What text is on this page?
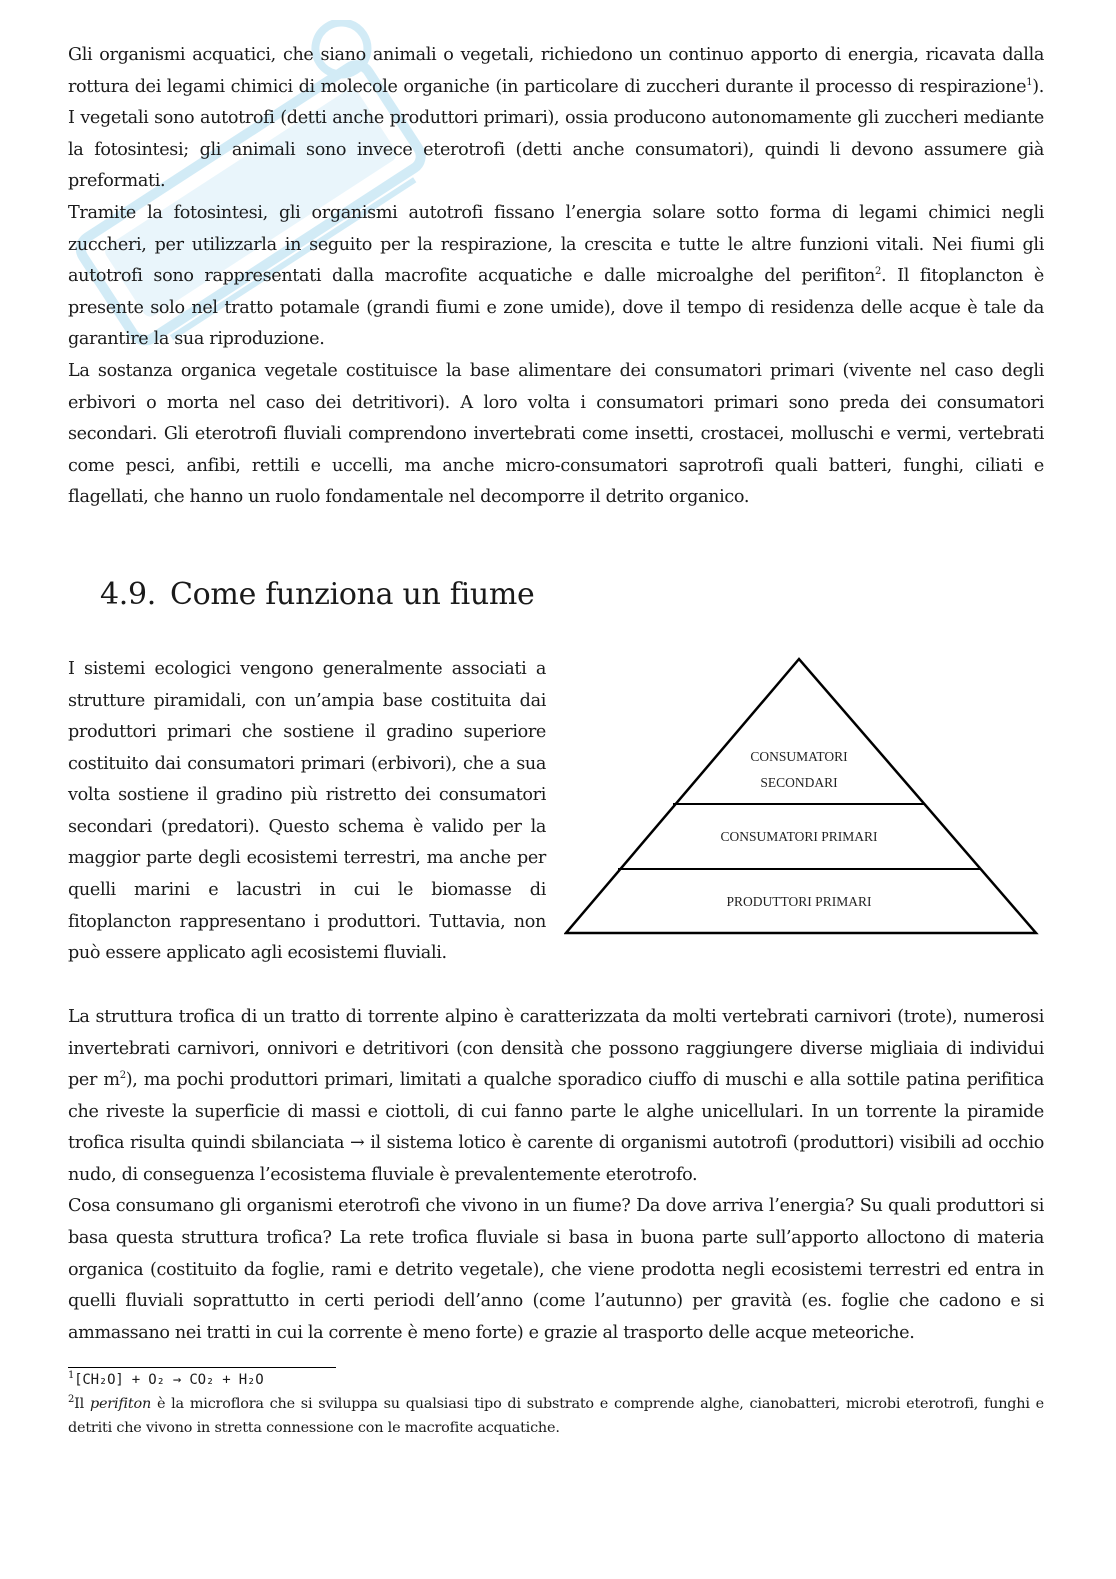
Gli organismi acquatici, che siano animali o vegetali, richiedono un continuo apporto di energia, ricavata dalla rottura dei legami chimici di molecole organiche (in particolare di zuccheri durante il processo di respirazione$^1$). I vegetali sono autotrofi (detti anche produttori primari), ossia producono autonomamente gli zuccheri mediante la fotosintesi; gli animali sono invece eterotrofi (detti anche consumatori), quindi li devono assumere già preformati.

Tramite la fotosintesi, gli organismi autotrofi fissano l’energia solare sotto forma di legami chimici negli zuccheri, per utilizzarla in seguito per la respirazione, la crescita e tutte le altre funzioni vitali. Nei fiumi gli autotrofi sono rappresentati dalla macrofite acquatiche e dalle microalghe del perifiton$^2$. Il fitoplancton è presente solo nel tratto potamale (grandi fiumi e zone umide), dove il tempo di residenza delle acque è tale da garantire la sua riproduzione.

La sostanza organica vegetale costituisce la base alimentare dei consumatori primari (vivente nel caso degli erbivori o morta nel caso dei detritivori). A loro volta i consumatori primari sono preda dei consumatori secondari. Gli eterotrofi fluviali comprendono invertebrati come insetti, crostacei, molluschi e vermi, vertebrati come pesci, anfibi, rettili e uccelli, ma anche micro-consumatori saprotrofi quali batteri, funghi, ciliati e flagellati, che hanno un ruolo fondamentale nel decomporre il detrito organico.

4.9. Come funziona un fiume

I sistemi ecologici vengono generalmente associati a strutture piramidali, con un’ampia base costituita dai produttori primari che sostiene il gradino superiore costituito dai consumatori primari (erbivori), che a sua volta sostiene il gradino più ristretto dei consumatori secondari (predatori). Questo schema è valido per la maggior parte degli ecosistemi terrestri, ma anche per quelli marini e lacustri in cui le biomasse di fitoplancton rappresentano i produttori. Tuttavia, non può essere applicato agli ecosistemi fluviali.

CONSUMATORI
SECONDARI
CONSUMATORI PRIMARI
PRODUTTORI PRIMARI

La struttura trofica di un tratto di torrente alpino è caratterizzata da molti vertebrati carnivori (trote), numerosi invertebrati carnivori, onnivori e detritivori (con densità che possono raggiungere diverse migliaia di individui per $m^2$), ma pochi produttori primari, limitati a qualche sporadico ciuffo di muschi e alla sottile patina perifitica che riveste la superficie di massi e ciottoli, di cui fanno parte le alghe unicellulari. In un torrente la piramide trofica risulta quindi sbilanciata → il sistema lotico è carente di organismi autotrofi (produttori) visibili ad occhio nudo, di conseguenza l’ecosistema fluviale è prevalentemente eterotrofo.

Cosa consumano gli organismi eterotrofi che vivono in un fiume? Da dove arriva l’energia? Su quali produttori si basa questa struttura trofica? La rete trofica fluviale si basa in buona parte sull’apporto alloctono di materia organica (costituito da foglie, rami e detrito vegetale), che viene prodotta negli ecosistemi terrestri ed entra in quelli fluviali soprattutto in certi periodi dell’anno (come l’autunno) per gravità (es. foglie che cadono e si ammassano nei tratti in cui la corrente è meno forte) e grazie al trasporto delle acque meteoriche.

$^1$[CH₂O] + O₂ → CO₂ + H₂O

$^2$Il perifiton è la microflora che si sviluppa su qualsiasi tipo di substrato e comprende alghe, cianobatteri, microbi eterotrofi, funghi e detriti che vivono in stretta connessione con le macrofite acquatiche.
